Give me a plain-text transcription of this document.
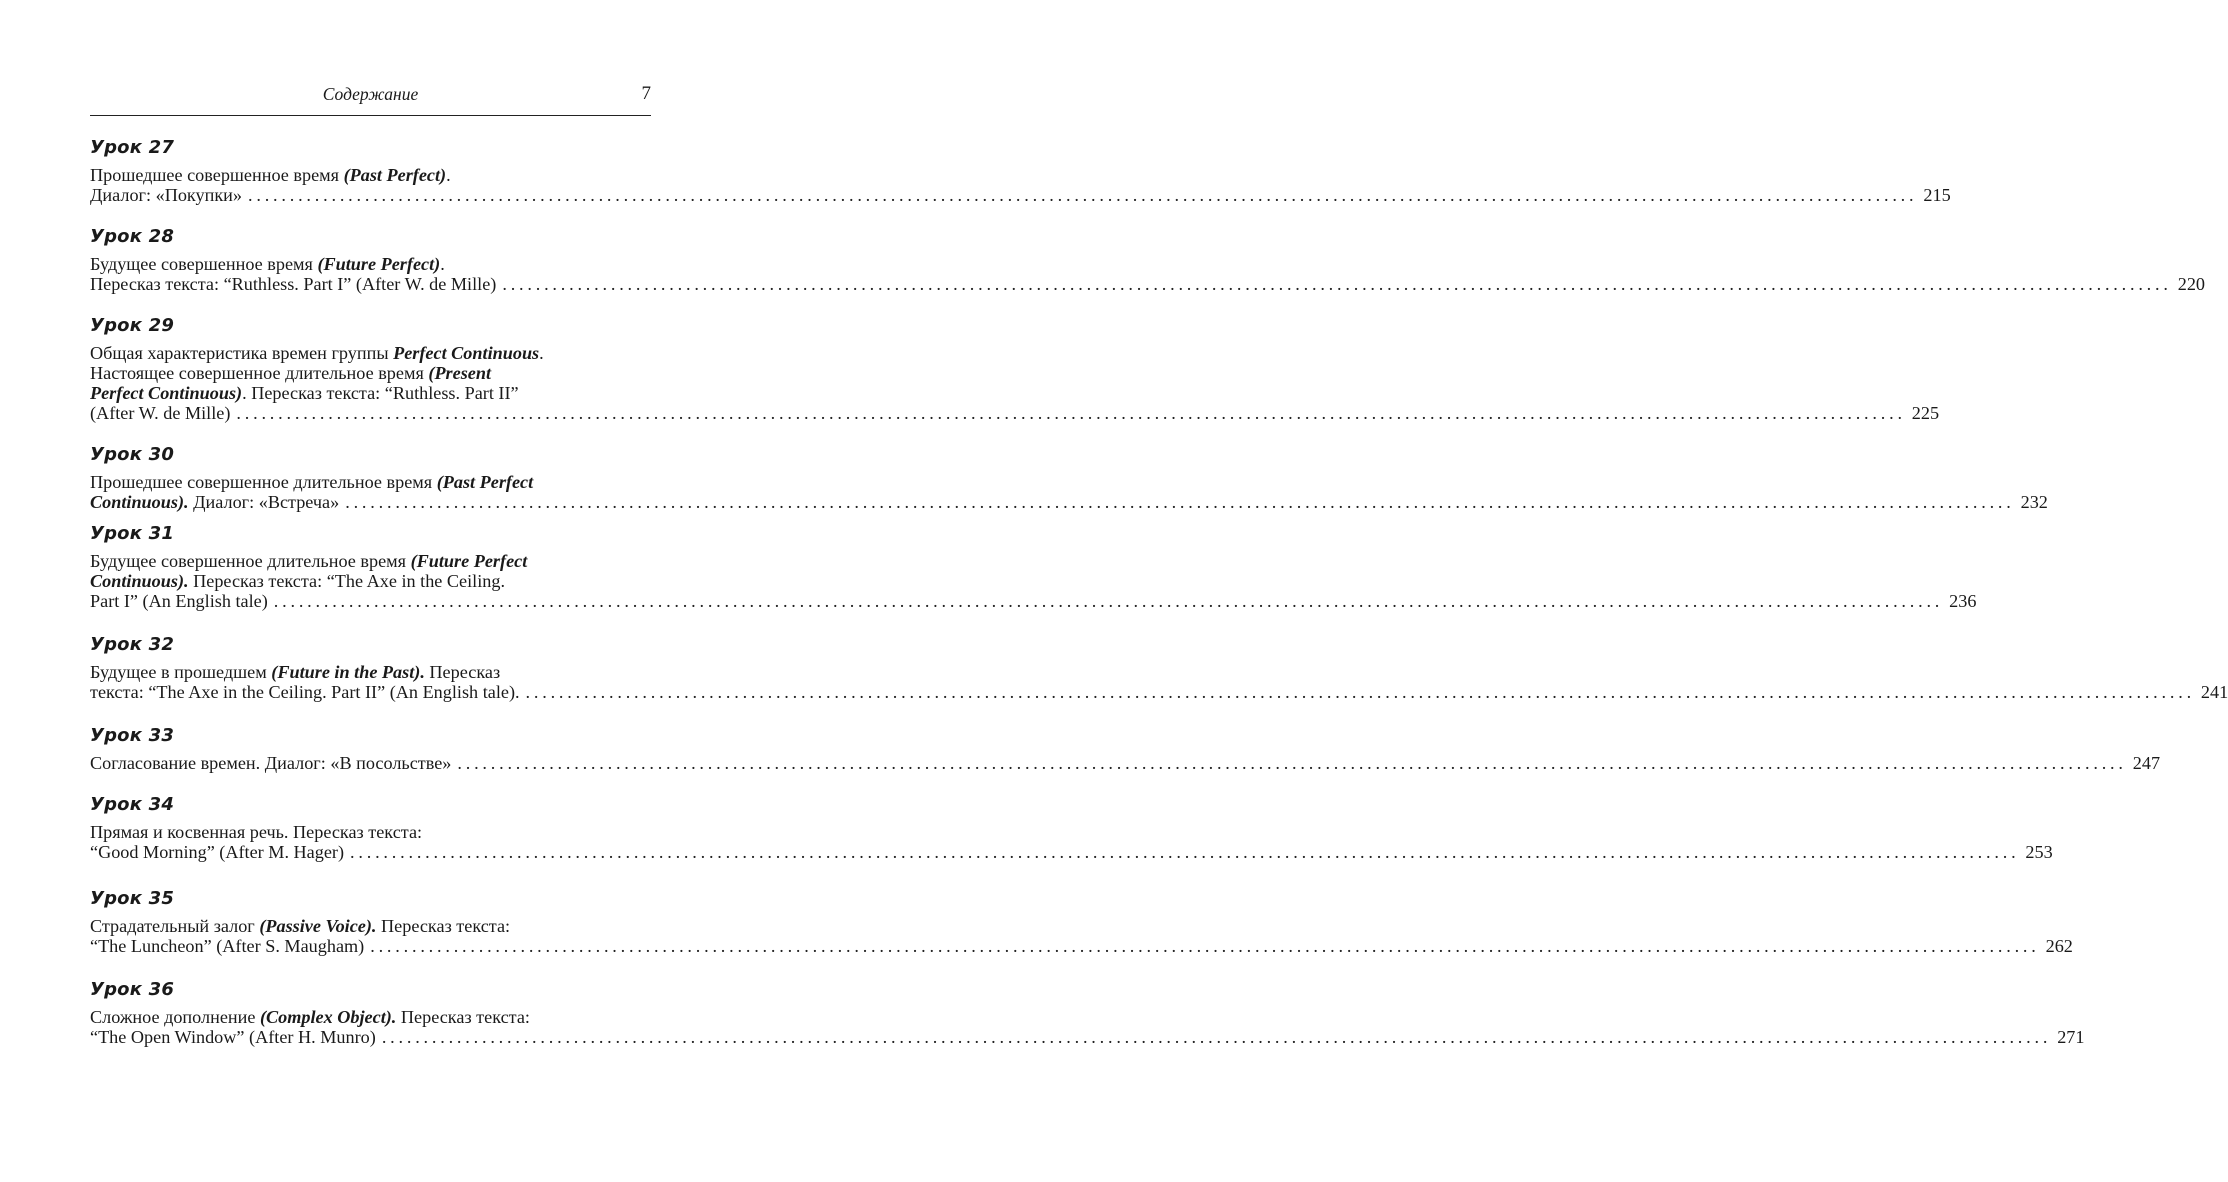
Содержание	7
Урок 27
Прошедшее совершенное время (Past Perfect).
Диалог: «Покупки» ........................................................................................................................................................................................................ 215
Урок 28
Будущее совершенное время (Future Perfect).
Пересказ текста: “Ruthless. Part I” (After W. de Mille) ........................................................................................................................................................................................................ 220
Урок 29
Общая характеристика времен группы Perfect Continuous.
Настоящее совершенное длительное время (Present
Perfect Continuous). Пересказ текста: “Ruthless. Part II”
(After W. de Mille) ........................................................................................................................................................................................................ 225
Урок 30
Прошедшее совершенное длительное время (Past Perfect
Continuous). Диалог: «Встреча» ........................................................................................................................................................................................................ 232
Урок 31
Будущее совершенное длительное время (Future Perfect
Continuous). Пересказ текста: “The Axe in the Ceiling.
Part I” (An English tale) ........................................................................................................................................................................................................ 236
Урок 32
Будущее в прошедшем (Future in the Past). Пересказ
текста: “The Axe in the Ceiling. Part II” (An English tale). ........................................................................................................................................................................................................ 241
Урок 33
Согласование времен. Диалог: «В посольстве» ........................................................................................................................................................................................................ 247
Урок 34
Прямая и косвенная речь. Пересказ текста:
“Good Morning” (After M. Hager) ........................................................................................................................................................................................................ 253
Урок 35
Страдательный залог (Passive Voice). Пересказ текста:
“The Luncheon” (After S. Maugham) ........................................................................................................................................................................................................ 262
Урок 36
Сложное дополнение (Complex Object). Пересказ текста:
“The Open Window” (After H. Munro) ........................................................................................................................................................................................................ 271
